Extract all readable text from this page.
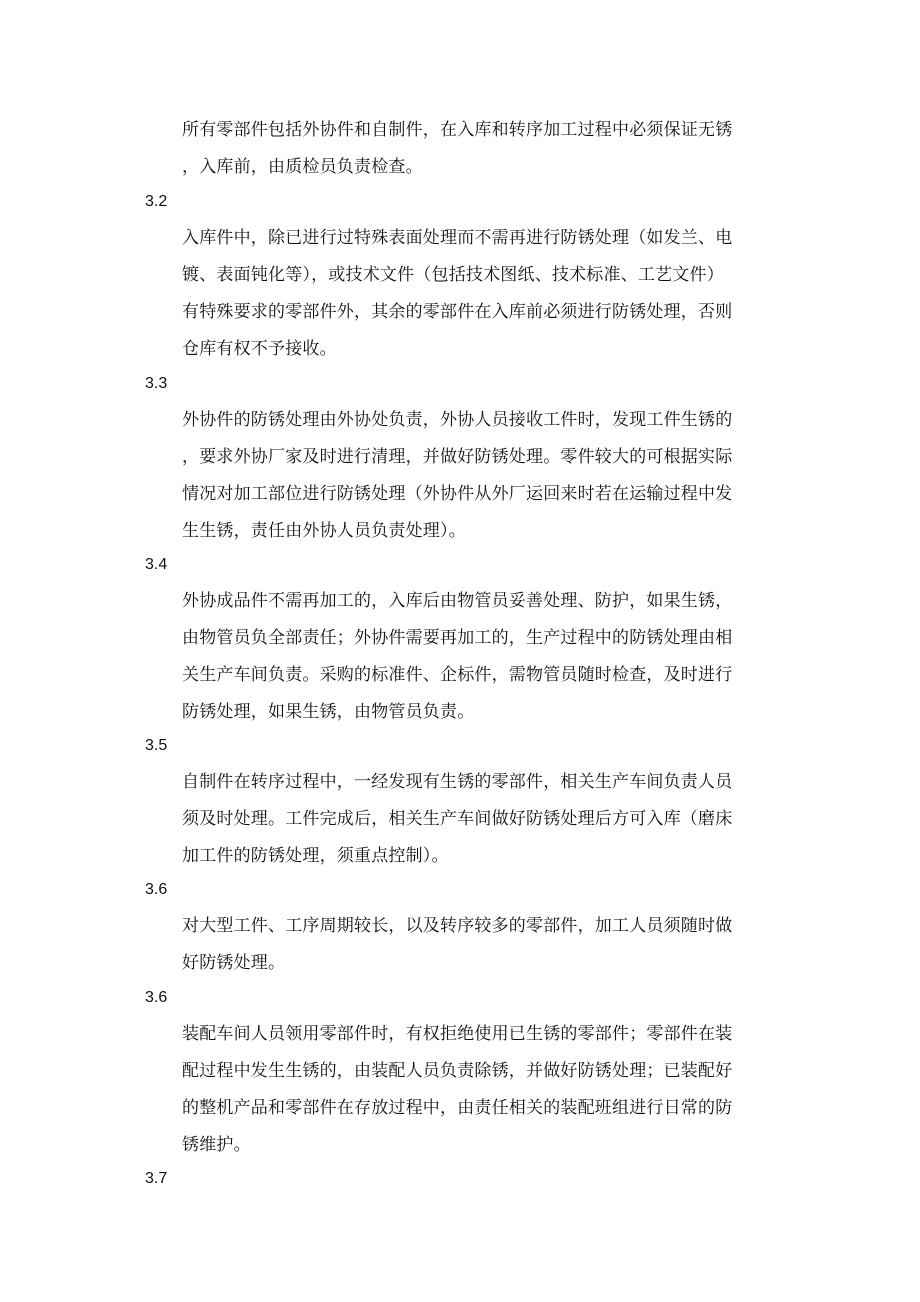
所有零部件包括外协件和自制件，在入库和转序加工过程中必须保证无锈
，入库前，由质检员负责检查。
3.2
入库件中，除已进行过特殊表面处理而不需再进行防锈处理（如发兰、电
镀、表面钝化等），或技术文件（包括技术图纸、技术标准、工艺文件）
有特殊要求的零部件外，其余的零部件在入库前必须进行防锈处理，否则
仓库有权不予接收。
3.3
外协件的防锈处理由外协处负责，外协人员接收工件时，发现工件生锈的
，要求外协厂家及时进行清理，并做好防锈处理。零件较大的可根据实际
情况对加工部位进行防锈处理（外协件从外厂运回来时若在运输过程中发
生生锈，责任由外协人员负责处理）。
3.4
外协成品件不需再加工的，入库后由物管员妥善处理、防护，如果生锈，
由物管员负全部责任；外协件需要再加工的，生产过程中的防锈处理由相
关生产车间负责。采购的标准件、企标件，需物管员随时检查，及时进行
防锈处理，如果生锈，由物管员负责。
3.5
自制件在转序过程中，一经发现有生锈的零部件，相关生产车间负责人员
须及时处理。工件完成后，相关生产车间做好防锈处理后方可入库（磨床
加工件的防锈处理，须重点控制）。
3.6
对大型工件、工序周期较长，以及转序较多的零部件，加工人员须随时做
好防锈处理。
3.6
装配车间人员领用零部件时，有权拒绝使用已生锈的零部件；零部件在装
配过程中发生生锈的，由装配人员负责除锈，并做好防锈处理；已装配好
的整机产品和零部件在存放过程中，由责任相关的装配班组进行日常的防
锈维护。
3.7
